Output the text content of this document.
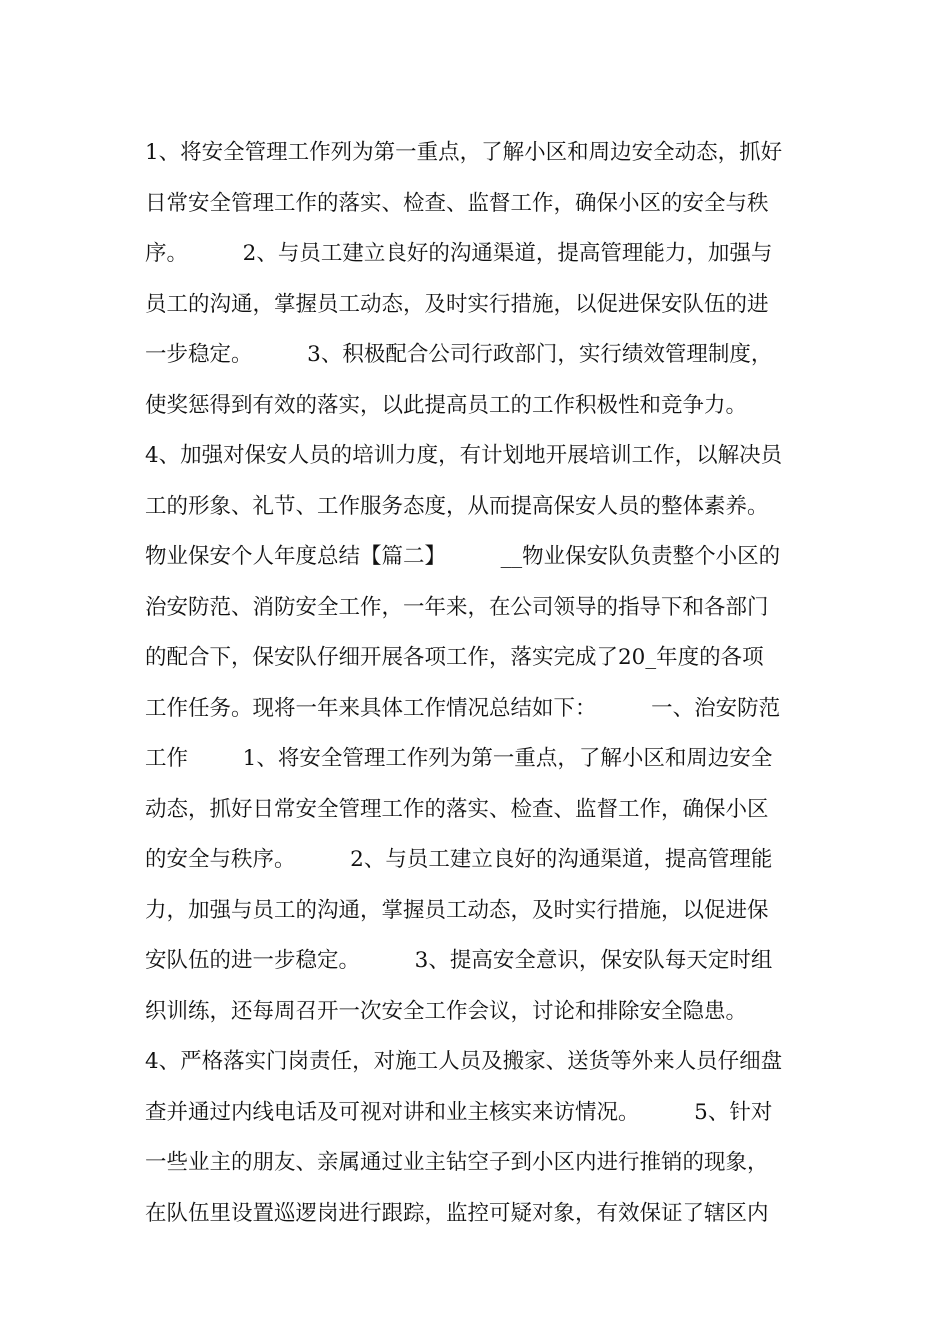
1、将安全管理工作列为第一重点，了解小区和周边安全动态，抓好
日常安全管理工作的落实、检查、监督工作，确保小区的安全与秩
序。        2、与员工建立良好的沟通渠道，提高管理能力，加强与
员工的沟通，掌握员工动态，及时实行措施，以促进保安队伍的进
一步稳定。        3、积极配合公司行政部门，实行绩效管理制度，
使奖惩得到有效的落实，以此提高员工的工作积极性和竞争力。
4、加强对保安人员的培训力度，有计划地开展培训工作，以解决员
工的形象、礼节、工作服务态度，从而提高保安人员的整体素养。
物业保安个人年度总结【篇二】        __物业保安队负责整个小区的
治安防范、消防安全工作，一年来，在公司领导的指导下和各部门
的配合下，保安队仔细开展各项工作，落实完成了20_年度的各项
工作任务。现将一年来具体工作情况总结如下：        一、治安防范
工作        1、将安全管理工作列为第一重点，了解小区和周边安全
动态，抓好日常安全管理工作的落实、检查、监督工作，确保小区
的安全与秩序。        2、与员工建立良好的沟通渠道，提高管理能
力，加强与员工的沟通，掌握员工动态，及时实行措施，以促进保
安队伍的进一步稳定。        3、提高安全意识，保安队每天定时组
织训练，还每周召开一次安全工作会议，讨论和排除安全隐患。
4、严格落实门岗责任，对施工人员及搬家、送货等外来人员仔细盘
查并通过内线电话及可视对讲和业主核实来访情况。        5、针对
一些业主的朋友、亲属通过业主钻空子到小区内进行推销的现象，
在队伍里设置巡逻岗进行跟踪，监控可疑对象，有效保证了辖区内
